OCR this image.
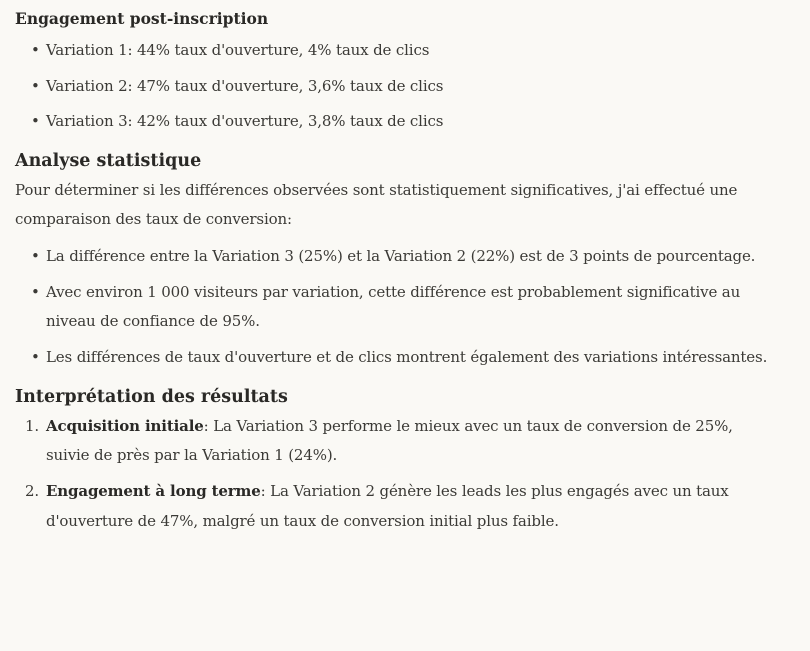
Engagement post-inscription
• Variation 1: 44% taux d'ouverture, 4% taux de clics
• Variation 2: 47% taux d'ouverture, 3,6% taux de clics
• Variation 3: 42% taux d'ouverture, 3,8% taux de clics
Analyse statistique

Pour déterminer si les différences observées sont statistiquement significatives, j'ai effectué une comparaison des taux de conversion:

• La différence entre la Variation 3 (25%) et la Variation 2 (22%) est de 3 points de pourcentage.
• Avec environ 1 000 visiteurs par variation, cette différence est probablement significative au niveau de confiance de 95%.
• Les différences de taux d'ouverture et de clics montrent également des variations intéressantes.
Interprétation des résultats
1. Acquisition initiale: La Variation 3 performe le mieux avec un taux de conversion de 25%, suivie de près par la Variation 1 (24%).
2. Engagement à long terme: La Variation 2 génère les leads les plus engagés avec un taux d'ouverture de 47%, malgré un taux de conversion initial plus faible.
